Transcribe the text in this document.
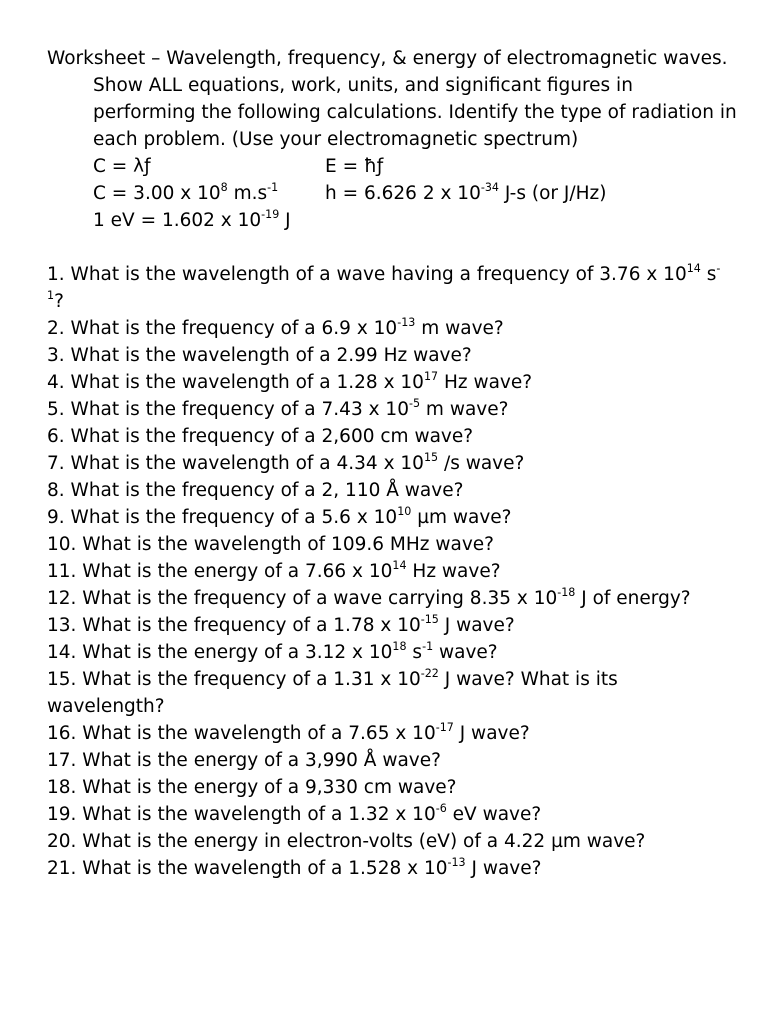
Worksheet – Wavelength, frequency, & energy of electromagnetic waves.
Show ALL equations, work, units, and significant figures in performing the following calculations. Identify the type of radiation in each problem. (Use your electromagnetic spectrum)
C = λƒ	E = ħƒ
C = 3.00 x $10^8$ $m.s^{-1}$	h = 6.626 2 x $10^{-34}$ J-s (or J/Hz)
1 eV = 1.602 x $10^{-19}$ J
1. What is the wavelength of a wave having a frequency of 3.76 x $10^{14}$ $s^{-1}$?
2. What is the frequency of a 6.9 x $10^{-13}$ m wave?
3. What is the wavelength of a 2.99 Hz wave?
4. What is the wavelength of a 1.28 x $10^{17}$ Hz wave?
5. What is the frequency of a 7.43 x $10^{-5}$ m wave?
6. What is the frequency of a 2,600 cm wave?
7. What is the wavelength of a 4.34 x $10^{15}$ /s wave?
8. What is the frequency of a 2, 110 Å wave?
9. What is the frequency of a 5.6 x $10^{10}$ µm wave?
10. What is the wavelength of 109.6 MHz wave?
11. What is the energy of a 7.66 x $10^{14}$ Hz wave?
12. What is the frequency of a wave carrying 8.35 x $10^{-18}$ J of energy?
13. What is the frequency of a 1.78 x $10^{-15}$ J wave?
14. What is the energy of a 3.12 x $10^{18}$ $s^{-1}$ wave?
15. What is the frequency of a 1.31 x $10^{-22}$ J wave? What is its wavelength?
16. What is the wavelength of a 7.65 x $10^{-17}$ J wave?
17. What is the energy of a 3,990 Å wave?
18. What is the energy of a 9,330 cm wave?
19. What is the wavelength of a 1.32 x $10^{-6}$ eV wave?
20. What is the energy in electron-volts (eV) of a 4.22 µm wave?
21. What is the wavelength of a 1.528 x $10^{-13}$ J wave?
